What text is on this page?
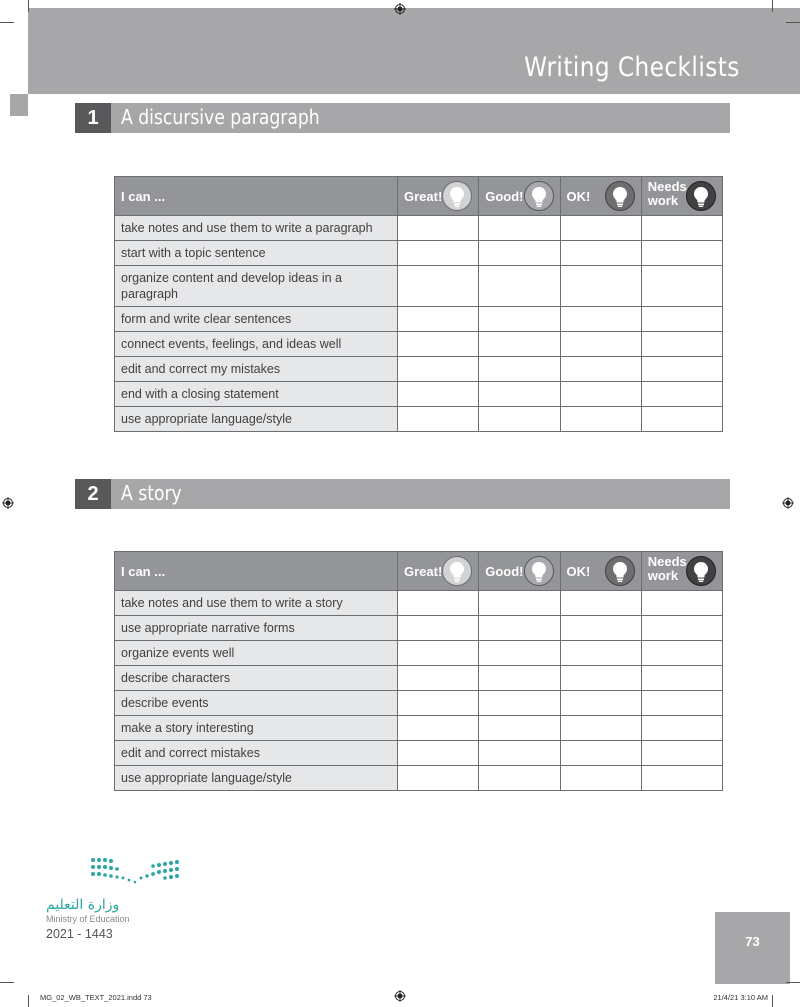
Writing Checklists
1	A discursive paragraph
I can ...	Great!	Good!	OK!	Needs work

take notes and use them to write a paragraph				
start with a topic sentence				
organize content and develop ideas in a paragraph				
form and write clear sentences				
connect events, feelings, and ideas well				
edit and correct my mistakes				
end with a closing statement				
use appropriate language/style				
2	A story
I can ...	Great!	Good!	OK!	Needs work

take notes and use them to write a story				
use appropriate narrative forms				
organize events well				
describe characters				
describe events				
make a story interesting				
edit and correct mistakes				
use appropriate language/style				
وزارة التعليم
Ministry of Education
2021 - 1443	73
MG_02_WB_TEXT_2021.indd 73	21/4/21 3:10 AM
